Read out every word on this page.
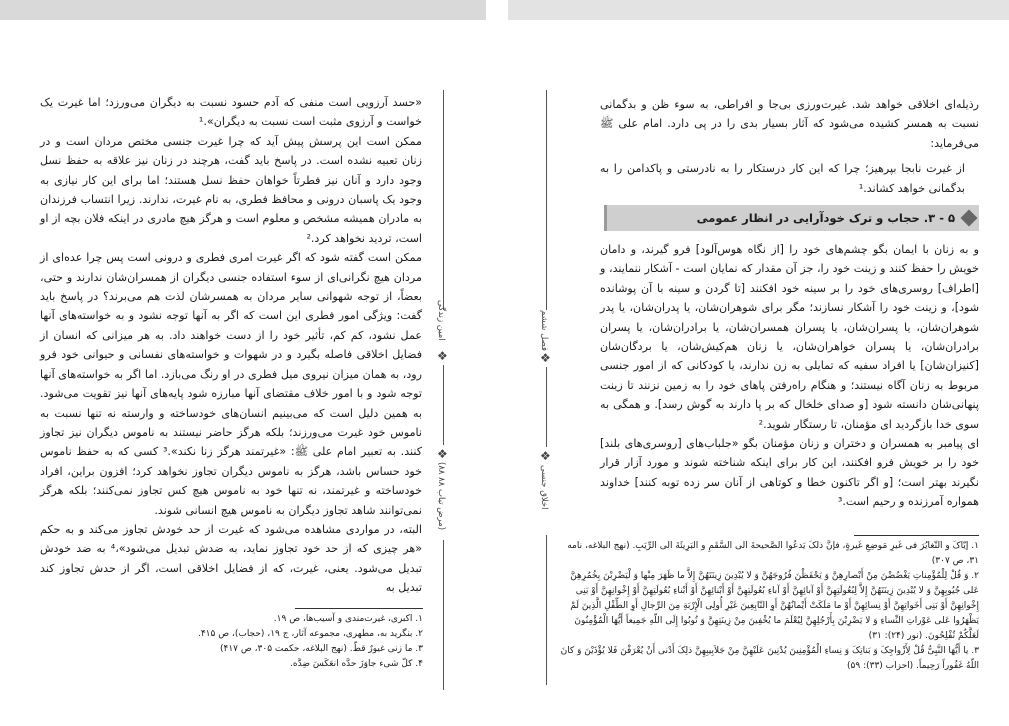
«حسد آرزویی است منفی که آدم حسود نسبت به دیگران می‌ورزد؛ اما غیرت یک خواست و آرزوی مثبت است نسبت به دیگران».¹

ممکن است این پرسش پیش آید که چرا غیرت جنسی مختص مردان است و در زنان تعبیه نشده است. در پاسخ باید گفت، هرچند در زنان نیز علاقه به حفظ نسل وجود دارد و آنان نیز فطرتاً خواهان حفظ نسل هستند؛ اما برای این کار نیازی به وجود یک پاسبان درونی و محافظ فطری، به نام غیرت، ندارند. زیرا انتساب فرزندان به مادران همیشه مشخص و معلوم است و هرگز هیچ مادری در اینکه فلان بچه از او است، تردید نخواهد کرد.²

ممکن است گفته شود که اگر غیرت امری فطری و درونی است پس چرا عده‌ای از مردان هیچ نگرانی‌ای از سوء استفاده جنسی دیگران از همسران‌شان ندارند و حتی، بعضاً، از توجه شهوانی سایر مردان به همسرشان لذت هم می‌برند؟ در پاسخ باید گفت: ویژگی امور فطری این است که اگر به آنها توجه نشود و به خواسته‌های آنها عمل نشود، کم کم، تأثیر خود را از دست خواهند داد. به هر میزانی که انسان از فضایل اخلاقی فاصله بگیرد و در شهوات و خواسته‌های نفسانی و حیوانی خود فرو رود، به همان میزان نیروی میل فطری در او رنگ می‌بازد. اما اگر به خواسته‌های آنها توجه شود و با امور خلاف مقتضای آنها مبارزه شود پایه‌های آنها نیز تقویت می‌شود. به همین دلیل است که می‌بینیم انسان‌های خودساخته و وارسته نه تنها نسبت به ناموس خود غیرت می‌ورزند؛ بلکه هرگز حاضر نیستند به ناموس دیگران نیز تجاوز کنند. به تعبیر امام علی ﷺ: «غیرتمند هرگز زنا نکند».³ کسی که به حفظ ناموس خود حساس باشد، هرگز به ناموس دیگران تجاوز نخواهد کرد؛ افزون براین، افراد خودساخته و غیرتمند، نه تنها خود به ناموس هیچ کس تجاوز نمی‌کنند؛ بلکه هرگز نمی‌توانند شاهد تجاوز دیگران به ناموس هیچ انسانی شوند.

البته، در مواردی مشاهده می‌شود که غیرت از حد خودش تجاوز می‌کند و به حکم «هر چیزی که از حد خود تجاوز نماید، به ضدش تبدیل می‌شود»،⁴ به ضد خودش تبدیل می‌شود. یعنی، غیرت، که از فضایل اخلاقی است، اگر از حدش تجاوز کند تبدیل به

۱. اکبری، غیرت‌مندی و آسیب‌ها، ص ۱۹.

۲. بنگرید به، مطهری، مجموعه آثار، ج ۱۹، (حجاب)، ص ۴۱۵.

۳. ما زنی غیورٌ قطّ. (نهج البلاغه، حکمت ۳۰۵، ص ۴۱۷)

۴. کلّ شیء جاوَزَ حدَّه انعَکَسَ ضِدَّه.

امین زندگی
❖
❖
(۸۸ مرض تیاب ۸۸)
فصل ششم
❖
❖
اخلاق جنسی

رذیله‌ای اخلاقی خواهد شد. غیرت‌ورزی بی‌جا و افراطی، به سوء ظن و بدگمانی نسبت به همسر کشیده می‌شود که آثار بسیار بدی را در پی دارد. امام علی ﷺ می‌فرماید:

از غیرت نابجا بپرهیز؛ چرا که این کار درستکار را به نادرستی و پاکدامن را به بدگمانی خواهد کشاند.¹

۵ - ۳. حجاب و ترک خودآرایی در انظار عمومی

و به زنان با ایمان بگو چشم‌های خود را [از نگاه هوس‌آلود] فرو گیرند، و دامان خویش را حفظ کنند و زینت خود را، جز آن مقدار که نمایان است - آشکار ننمایند، و [اطراف] روسری‌های خود را بر سینه خود افکنند [تا گردن و سینه با آن پوشانده شود]، و زینت خود را آشکار نسازند؛ مگر برای شوهران‌شان، یا پدران‌شان، یا پدر شوهران‌شان، یا پسران‌شان، یا پسران همسران‌شان، یا برادران‌شان، یا پسران برادران‌شان، یا پسران خواهران‌شان، یا زنان هم‌کیش‌شان، یا بردگان‌شان [کنیزان‌شان] یا افراد سفیه که تمایلی به زن ندارند، یا کودکانی که از امور جنسی مربوط به زنان آگاه نیستند؛ و هنگام راه‌رفتن پاهای خود را به زمین نزنند تا زینت پنهانی‌شان دانسته شود [و صدای خلخال که بر پا دارند به گوش رسد]. و همگی به سوی خدا بازگردید ای مؤمنان، تا رستگار شوید.²

ای پیامبر به همسران و دختران و زنان مؤمنان بگو «جلباب‌های [روسری‌های بلند] خود را بر خویش فرو افکنند، این کار برای اینکه شناخته شوند و مورد آزار قرار نگیرند بهتر است؛ [و اگر تاکنون خطا و کوتاهی از آنان سر زده توبه کنند] خداوند همواره آمرزنده و رحیم است.³

۱. إیّاکَ و التّغایُرَ فی غَیرِ مَوضِعِ غَیرةٍ، فإنَّ ذلکَ یَدعُوا الصَّحیحةَ الی السَّقَمِ و البَرِیئَةَ الی الرِّیَبِ. (نهج البلاغه، نامه ۳۱، ص ۳۰۷)

۲. وَ قُلْ لِلْمُؤْمِناتِ یَغْضُضْنَ مِنْ أَبْصارِهِنَّ وَ یَحْفَظْنَ فُرُوجَهُنَّ وَ لا یُبْدِینَ زِینَتَهُنَّ إِلاَّ ما ظَهَرَ مِنْها وَ لْیَضْرِبْنَ بِخُمُرِهِنَّ عَلی جُیُوبِهِنَّ وَ لا یُبْدِینَ زِینَتَهُنَّ إِلاَّ لِبُعُولَتِهِنَّ أَوْ آبائِهِنَّ أَوْ آباءِ بُعُولَتِهِنَّ أَوْ أَبْنائِهِنَّ أَوْ أَبْناءِ بُعُولَتِهِنَّ أَوْ إِخْوانِهِنَّ أَوْ بَنِی إِخْوانِهِنَّ أَوْ بَنِی أَخَواتِهِنَّ أَوْ نِسائِهِنَّ أَوْ ما مَلَکَتْ أَیْمانُهُنَّ أَوِ التّابِعِینَ غَیْرِ أُولِی الْإِرْبَةِ مِنَ الرِّجالِ أَوِ الطِّفْلِ الَّذِینَ لَمْ یَظْهَرُوا عَلی عَوْراتِ النِّساءِ وَ لا یَضْرِبْنَ بِأَرْجُلِهِنَّ لِیُعْلَمَ ما یُخْفِینَ مِنْ زِینَتِهِنَّ وَ تُوبُوا إِلَی اللّهِ جَمِیعاً أَیُّهَا الْمُؤْمِنُونَ لَعَلَّکُمْ تُفْلِحُونَ. (نور (۲۴): ۳۱)

۳. یا أَیُّهَا النَّبِیُّ قُلْ لِأَزْواجِکَ وَ بَناتِکَ وَ نِساءِ الْمُؤْمِنِینَ یُدْنِینَ عَلَیْهِنَّ مِنْ جَلاَبِیبِهِنَّ ذلِکَ أَدْنی أَنْ یُعْرَفْنَ فَلا یُؤْذَیْنَ وَ کانَ اللّهُ غَفُوراً رَحِیماً. (احزاب (۳۳): ۵۹)
